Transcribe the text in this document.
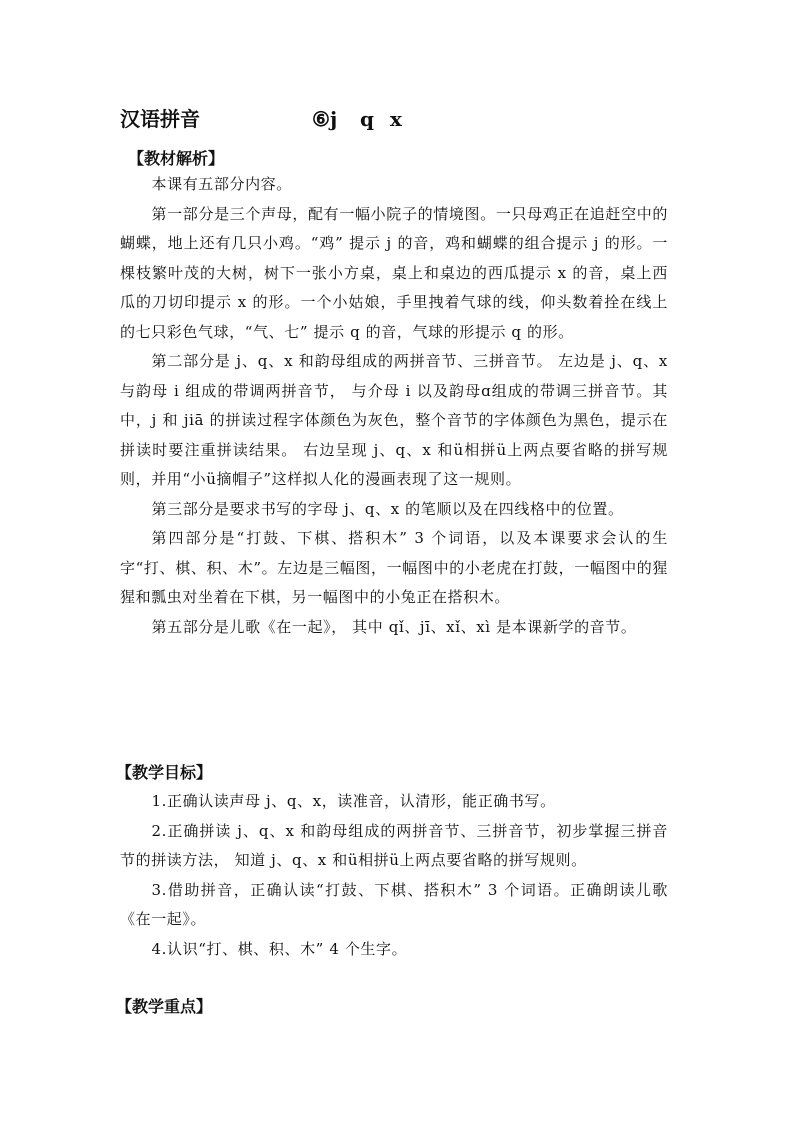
汉语拼音	⑥j q x
【教材解析】

本课有五部分内容。

第一部分是三个声母，配有一幅小院子的情境图。一只母鸡正在追赶空中的蝴蝶，地上还有几只小鸡。“鸡” 提示 j 的音，鸡和蝴蝶的组合提示 j 的形。一棵枝繁叶茂的大树，树下一张小方桌，桌上和桌边的西瓜提示 x 的音，桌上西瓜的刀切印提示 x 的形。一个小姑娘，手里拽着气球的线，仰头数着拴在线上的七只彩色气球，“气、七” 提示 q 的音，气球的形提示 q 的形。

第二部分是 j、q、x 和韵母组成的两拼音节、三拼音节。 左边是 j、q、x 与韵母 i 组成的带调两拼音节， 与介母 i 以及韵母ɑ组成的带调三拼音节。其中，j 和 jiā 的拼读过程字体颜色为灰色，整个音节的字体颜色为黑色，提示在拼读时要注重拼读结果。 右边呈现 j、q、x 和ü相拼ü上两点要省略的拼写规则，并用“小ü摘帽子”这样拟人化的漫画表现了这一规则。

第三部分是要求书写的字母 j、q、x 的笔顺以及在四线格中的位置。

第四部分是“打鼓、下棋、搭积木” 3 个词语，以及本课要求会认的生字“打、棋、积、木”。左边是三幅图，一幅图中的小老虎在打鼓，一幅图中的猩猩和瓢虫对坐着在下棋，另一幅图中的小兔正在搭积木。

第五部分是儿歌《在一起》， 其中 qǐ、jī、xǐ、xì 是本课新学的音节。

【教学目标】

1.正确认读声母 j、q、x，读准音，认清形，能正确书写。

2.正确拼读 j、q、x 和韵母组成的两拼音节、三拼音节，初步掌握三拼音节的拼读方法， 知道 j、q、x 和ü相拼ü上两点要省略的拼写规则。

3.借助拼音，正确认读“打鼓、下棋、搭积木” 3 个词语。正确朗读儿歌《在一起》。

4.认识“打、棋、积、木” 4 个生字。

【教学重点】
